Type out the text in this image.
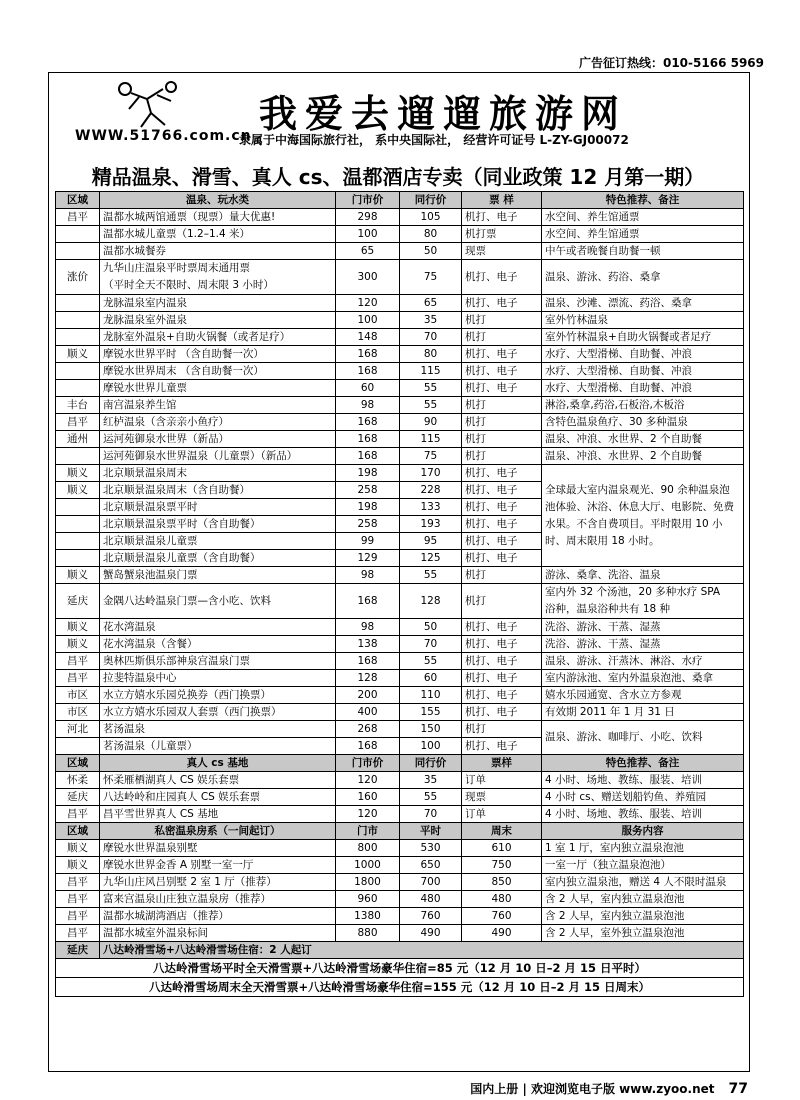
广告征订热线：010-5166 5969
我爱去遛遛旅游网
WWW.51766.com.cn
隶属于中海国际旅行社， 系中央国际社， 经营许可证号 L-ZY-GJ00072
精品温泉、滑雪、真人 cs、温都酒店专卖（同业政策 12 月第一期）
区域	温泉、玩水类	门市价	同行价	票 样	特色推荐、备注
昌平	温都水城两馆通票（现票）量大优惠!	298	105	机打、电子	水空间、养生馆通票
	温都水城儿童票（1.2–1.4 米）	100	80	机打票	水空间、养生馆通票
	温都水城餐券	65	50	现票	中午或者晚餐自助餐一顿
涨价	九华山庄温泉平时票周末通用票
（平时全天不限时、周末限 3 小时）	300	75	机打、电子	温泉、游泳、药浴、桑拿
	龙脉温泉室内温泉	120	65	机打、电子	温泉、沙滩、漂流、药浴、桑拿
	龙脉温泉室外温泉	100	35	机打	室外竹林温泉
	龙脉室外温泉+自助火锅餐（或者足疗）	148	70	机打	室外竹林温泉+自助火锅餐或者足疗
顺义	摩锐水世界平时 （含自助餐一次）	168	80	机打、电子	水疗、大型滑梯、自助餐、冲浪
	摩锐水世界周末 （含自助餐一次）	168	115	机打、电子	水疗、大型滑梯、自助餐、冲浪
	摩锐水世界儿童票	60	55	机打、电子	水疗、大型滑梯、自助餐、冲浪
丰台	南宫温泉养生馆	98	55	机打	淋浴,桑拿,药浴,石板浴,木板浴
昌平	红栌温泉（含亲亲小鱼疗）	168	90	机打	含特色温泉鱼疗、30 多种温泉
通州	运河苑御泉水世界（新品）	168	115	机打	温泉、冲浪、水世界、2 个自助餐
	运河苑御泉水世界温泉（儿童票）（新品）	168	75	机打	温泉、冲浪、水世界、2 个自助餐
顺义	北京顺景温泉周末	198	170	机打、电子	全球最大室内温泉观光、90 余种温泉泡池体验、沐浴、休息大厅、电影院、免费水果。不含自费项目。平时限用 10 小时、周末限用 18 小时。
顺义	北京顺景温泉周末（含自助餐）	258	228	机打、电子	
	北京顺景温泉票平时	198	133	机打、电子	
	北京顺景温泉票平时（含自助餐）	258	193	机打、电子	
	北京顺景温泉儿童票	99	95	机打、电子	
	北京顺景温泉儿童票（含自助餐）	129	125	机打、电子	
顺义	蟹岛蟹泉池温泉门票	98	55	机打	游泳、桑拿、洗浴、温泉
延庆	金隅八达岭温泉门票—含小吃、饮料	168	128	机打	室内外 32 个汤池，20 多种水疗 SPA
浴种，温泉浴种共有 18 种
顺义	花水湾温泉	98	50	机打、电子	洗浴、游泳、干蒸、湿蒸
顺义	花水湾温泉（含餐）	138	70	机打、电子	洗浴、游泳、干蒸、湿蒸
昌平	奥林匹斯俱乐部神泉宫温泉门票	168	55	机打、电子	温泉、游泳、汗蒸沐、淋浴、水疗
昌平	拉斐特温泉中心	128	60	机打、电子	室内游泳池、室内外温泉泡池、桑拿
市区	水立方嬉水乐园兑换券（西门换票）	200	110	机打、电子	嬉水乐园通宽、含水立方参观
市区	水立方嬉水乐园双人套票（西门换票）	400	155	机打、电子	有效期 2011 年 1 月 31 日
河北	茗汤温泉	268	150	机打	温泉、游泳、咖啡厅、小吃、饮料
	茗汤温泉（儿童票）	168	100	机打、电子	
区域	真人 cs 基地	门市价	同行价	票样	特色推荐、备注
怀柔	怀柔雁栖湖真人 CS 娱乐套票	120	35	订单	4 小时、场地、教练、服装、培训
延庆	八达岭岭和庄园真人 CS 娱乐套票	160	55	现票	4 小时 cs、赠送划船钓鱼、养殖园
昌平	昌平雪世界真人 CS 基地	120	70	订单	4 小时、场地、教练、服装、培训
区域	私密温泉房系（一间起订）	门市	平时	周末	服务内容
顺义	摩锐水世界温泉别墅	800	530	610	1 室 1 厅，室内独立温泉泡池
顺义	摩锐水世界金香 A 别墅一室一厅	1000	650	750	一室一厅（独立温泉泡池）
昌平	九华山庄风吕别墅 2 室 1 厅（推荐）	1800	700	850	室内独立温泉池，赠送 4 人不限时温泉
昌平	富来宫温泉山庄独立温泉房（推荐）	960	480	480	含 2 人早，室内独立温泉泡池
昌平	温都水城湖湾酒店（推荐）	1380	760	760	含 2 人早，室内独立温泉泡池
昌平	温都水城室外温泉标间	880	490	490	含 2 人早，室外独立温泉泡池
延庆	八达岭滑雪场+八达岭滑雪场住宿：2 人起订				
八达岭滑雪场平时全天滑雪票+八达岭滑雪场豪华住宿=85 元（12 月 10 日–2 月 15 日平时）					
八达岭滑雪场周末全天滑雪票+八达岭滑雪场豪华住宿=155 元（12 月 10 日–2 月 15 日周末）					
国内上册 | 欢迎浏览电子版 www.zyoo.net 77
